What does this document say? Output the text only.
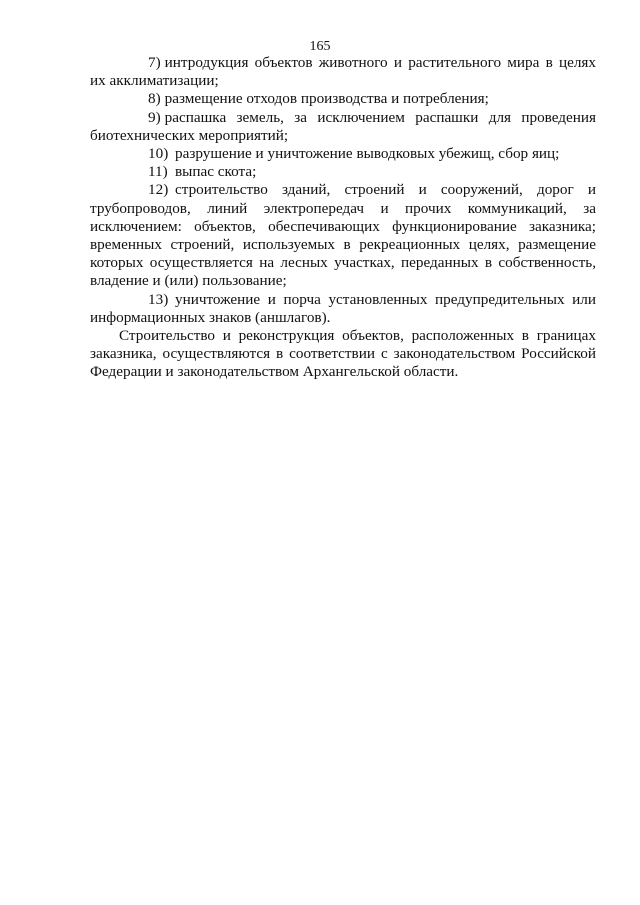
165

7) интродукция объектов животного и растительного мира в целях их акклиматизации;

8) размещение отходов производства и потребления;

9) распашка земель, за исключением распашки для проведения биотехнических мероприятий;

10) разрушение и уничтожение выводковых убежищ, сбор яиц;

11) выпас скота;

12) строительство зданий, строений и сооружений, дорог и трубопроводов, линий электропередач и прочих коммуникаций, за исключением: объектов, обеспечивающих функционирование заказника; временных строений, используемых в рекреационных целях, размещение которых осуществляется на лесных участках, переданных в собственность, владение и (или) пользование;

13) уничтожение и порча установленных предупредительных или информационных знаков (аншлагов).

Строительство и реконструкция объектов, расположенных в границах заказника, осуществляются в соответствии с законодательством Российской Федерации и законодательством Архангельской области.
